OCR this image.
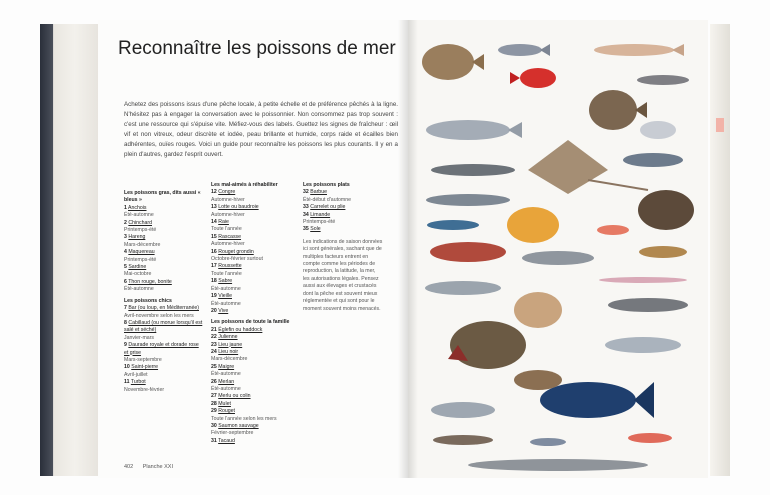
Reconnaître les poissons de mer

Achetez des poissons issus d'une pêche locale, à petite échelle et de préférence pêchés à la ligne. N'hésitez pas à engager la conversation avec le poissonnier. Non consommez pas trop souvent : c'est une ressource qui s'épuise vite. Méfiez-vous des labels. Guettez les signes de fraîcheur : œil vif et non vitreux, odeur discrète et iodée, peau brillante et humide, corps raide et écailles bien adhérentes, ouïes rouges. Voici un guide pour reconnaître les poissons les plus courants. Il y en a plein d'autres, gardez l'esprit ouvert.

Les poissons gras, dits aussi « bleus »
1 Anchois
Été-automne
2 Chinchard
Printemps-été
3 Hareng
Mars-décembre
4 Maquereau
Printemps-été
5 Sardine
Mai-octobre
6 Thon rouge, bonite
Été-automne
Les poissons chics
7 Bar (ou loup, en Méditerranée)
Avril-novembre selon les mers
8 Cabillaud (ou morue lorsqu'il est salé et séché)
Janvier-mars
9 Daurade royale et dorade rose et grise
Mars-septembre
10 Saint-pierre
Avril-juillet
11 Turbot
Novembre-février
Les mal-aimés à réhabiliter
12 Congre
Automne-hiver
13 Lotte ou baudroie
Automne-hiver
14 Raie
Toute l'année
15 Rascasse
Automne-hiver
16 Rouget grondin
Octobre-février surtout
17 Roussette
Toute l'année
18 Sabre
Été-automne
19 Vieille
Été-automne
20 Vive
Les poissons de toute la famille
21 Églefin ou haddock
22 Julienne
23 Lieu jaune
24 Lieu noir
Mars-décembre
25 Maigre
Été-automne
26 Merlan
Été-automne
27 Merlu ou colin
28 Mulet
29 Rouget
Toute l'année selon les mers
30 Saumon sauvage
Février-septembre
31 Tacaud
Les poissons plats
32 Barbue
Été-début d'automne
33 Carrelet ou plie
34 Limande
Printemps-été
35 Sole
Les indications de saison données ici sont générales, sachant que de multiples facteurs entrent en compte comme les périodes de reproduction, la latitude, la mer, les autorisations légales. Pensez aussi aux élevages et crustacés dont la pêche est souvent mieux réglementée et qui sont pour le moment souvent moins menacés.
402 Planche XXI
